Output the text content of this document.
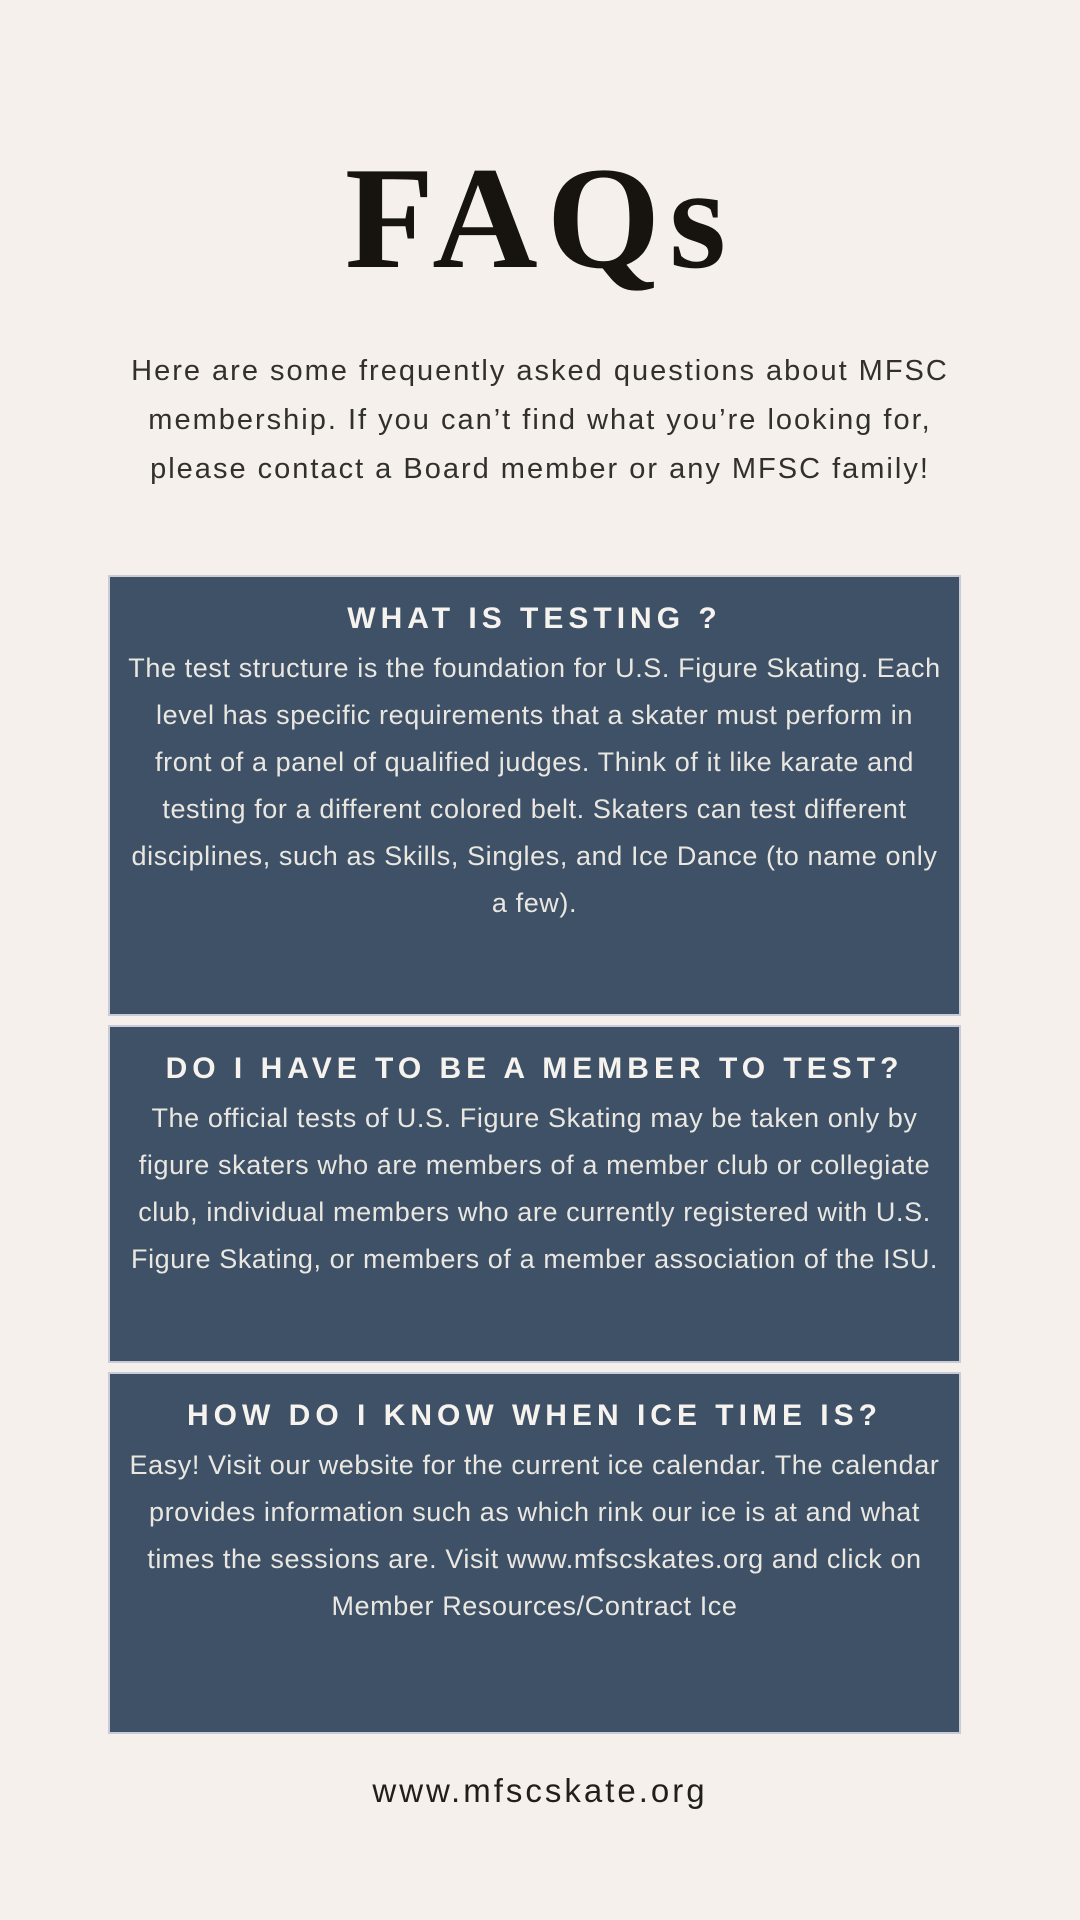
FAQs
Here are some frequently asked questions about MFSC membership. If you can’t find what you’re looking for, please contact a Board member or any MFSC family!
WHAT IS TESTING ?
The test structure is the foundation for U.S. Figure Skating. Each level has specific requirements that a skater must perform in front of a panel of qualified judges. Think of it like karate and testing for a different colored belt. Skaters can test different disciplines, such as Skills, Singles, and Ice Dance (to name only a few).
DO I HAVE TO BE A MEMBER TO TEST?
The official tests of U.S. Figure Skating may be taken only by figure skaters who are members of a member club or collegiate club, individual members who are currently registered with U.S. Figure Skating, or members of a member association of the ISU.
HOW DO I KNOW WHEN ICE TIME IS?
Easy! Visit our website for the current ice calendar. The calendar provides information such as which rink our ice is at and what times the sessions are. Visit www.mfscskates.org and click on Member Resources/Contract Ice
www.mfscskate.org
